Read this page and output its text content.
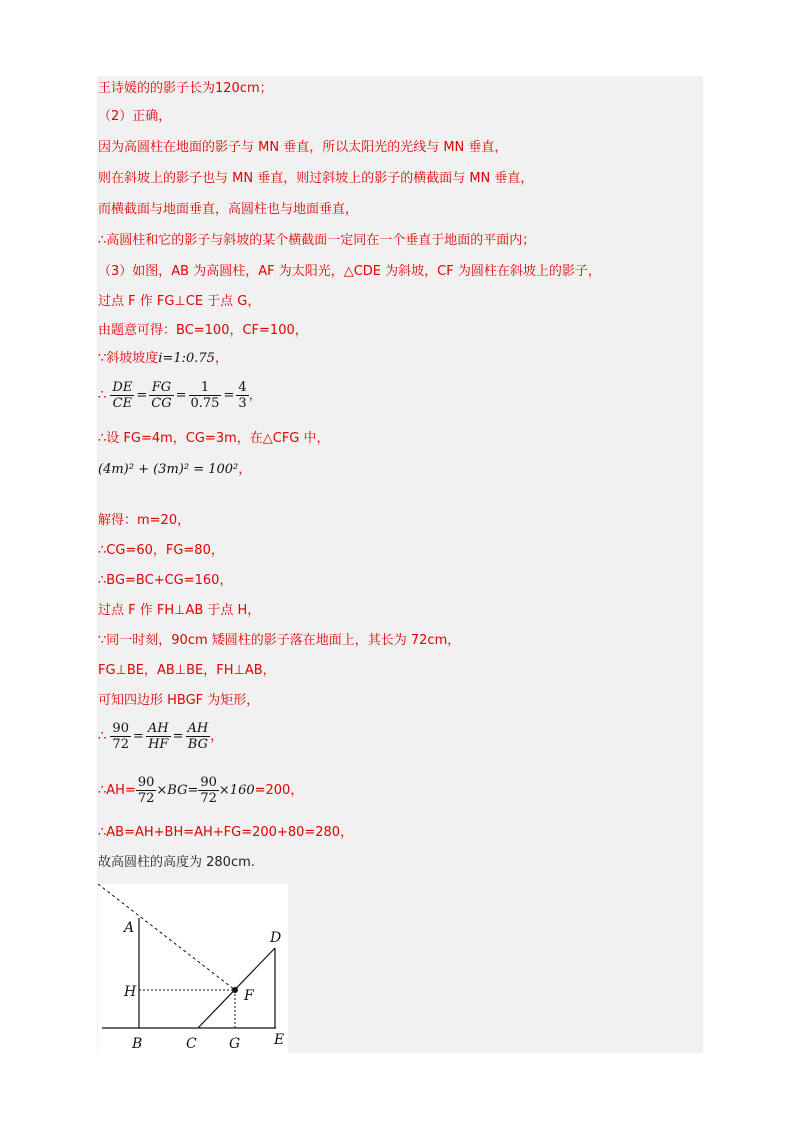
王诗媛的的影子长为120cm；
（2）正确，
因为高圆柱在地面的影子与 MN 垂直，所以太阳光的光线与 MN 垂直，
则在斜坡上的影子也与 MN 垂直，则过斜坡上的影子的横截面与 MN 垂直，
而横截面与地面垂直，高圆柱也与地面垂直，
∴高圆柱和它的影子与斜坡的某个横截面一定同在一个垂直于地面的平面内；
（3）如图，AB 为高圆柱，AF 为太阳光，△CDE 为斜坡，CF 为圆柱在斜坡上的影子，
过点 F 作 FG⊥CE 于点 G，
由题意可得：BC=100，CF=100，
∵斜坡坡度i=1:0.75，
∴ $\frac{DE}{CE} = \frac{FG}{CG} = \frac{1}{0.75} = \frac{4}{3}$ ，
∴设 FG=4m，CG=3m，在△CFG 中，
(4m)² + (3m)² = 100²，
解得：m=20，
∴CG=60，FG=80，
∴BG=BC+CG=160，
过点 F 作 FH⊥AB 于点 H，
∵同一时刻，90cm 矮圆柱的影子落在地面上，其长为 72cm，
FG⊥BE，AB⊥BE，FH⊥AB，
可知四边形 HBGF 为矩形，
∴ $\frac{90}{72} = \frac{AH}{HF} = \frac{AH}{BG}$ ，
∴AH= $\frac{90}{72} \times BG= \frac{90}{72} \times 160=200$，
∴AB=AH+BH=AH+FG=200+80=280，
故高圆柱的高度为 280cm.
A
H	F
D
B	C G E
